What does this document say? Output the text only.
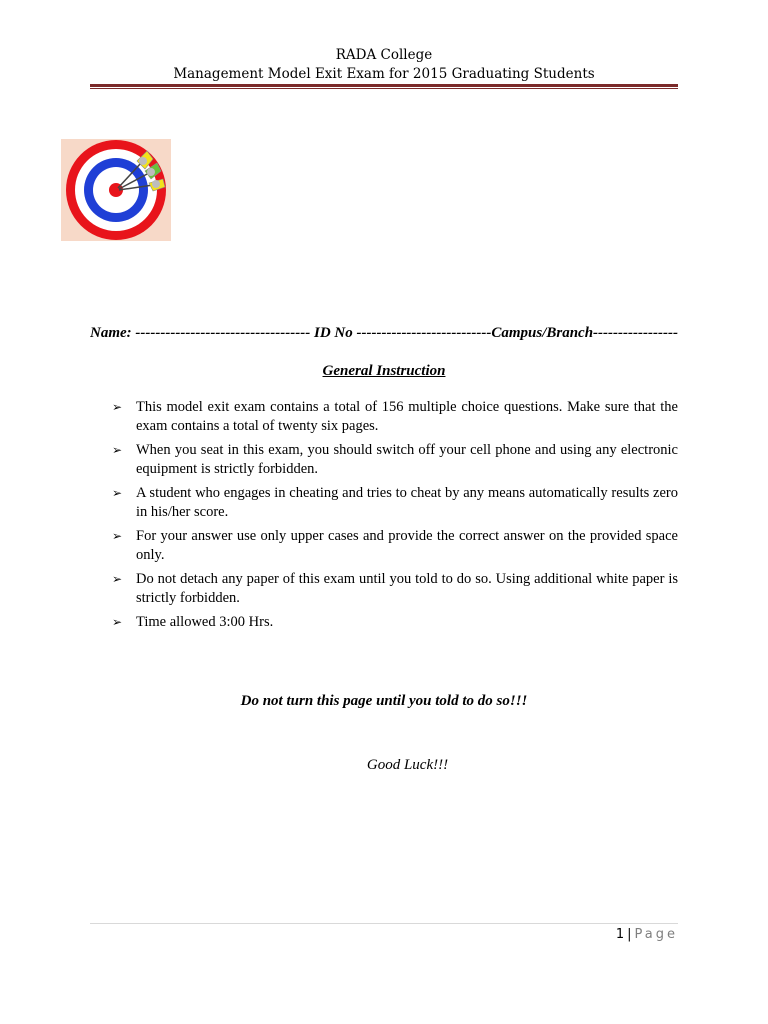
RADA College
Management Model Exit Exam for 2015 Graduating Students
Name: ----------------------------------- ID No ---------------------------Campus/Branch-----------------
General Instruction
➢ This model exit exam contains a total of 156 multiple choice questions. Make sure that the exam contains a total of twenty six pages.
➢ When you seat in this exam, you should switch off your cell phone and using any electronic equipment is strictly forbidden.
➢ A student who engages in cheating and tries to cheat by any means automatically results zero in his/her score.
➢ For your answer use only upper cases and provide the correct answer on the provided space only.
➢ Do not detach any paper of this exam until you told to do so. Using additional white paper is strictly forbidden.
➢ Time allowed 3:00 Hrs.
Do not turn this page until you told to do so!!!
Good Luck!!!
1 | Page
